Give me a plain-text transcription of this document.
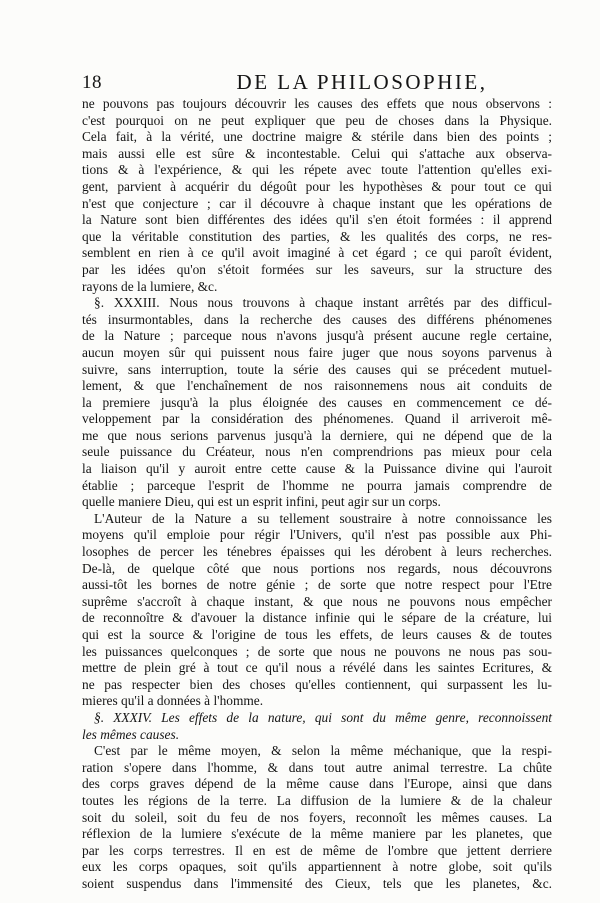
18	DE LA PHILOSOPHIE,
ne pouvons pas toujours découvrir les causes des effets que nous observons :
c'est pourquoi on ne peut expliquer que peu de choses dans la Physique.
Cela fait, à la vérité, une doctrine maigre & stérile dans bien des points ;
mais aussi elle est sûre & incontestable. Celui qui s'attache aux observa-
tions & à l'expérience, & qui les répete avec toute l'attention qu'elles exi-
gent, parvient à acquérir du dégoût pour les hypothèses & pour tout ce qui
n'est que conjecture ; car il découvre à chaque instant que les opérations de
la Nature sont bien différentes des idées qu'il s'en étoit formées : il apprend
que la véritable constitution des parties, & les qualités des corps, ne res-
semblent en rien à ce qu'il avoit imaginé à cet égard ; ce qui paroît évident,
par les idées qu'on s'étoit formées sur les saveurs, sur la structure des
rayons de la lumiere, &c.
§. XXXIII. Nous nous trouvons à chaque instant arrêtés par des difficul-
tés insurmontables, dans la recherche des causes des différens phénomenes
de la Nature ; parceque nous n'avons jusqu'à présent aucune regle certaine,
aucun moyen sûr qui puissent nous faire juger que nous soyons parvenus à
suivre, sans interruption, toute la série des causes qui se précedent mutuel-
lement, & que l'enchaînement de nos raisonnemens nous ait conduits de
la premiere jusqu'à la plus éloignée des causes en commencement ce dé-
veloppement par la considération des phénomenes. Quand il arriveroit mê-
me que nous serions parvenus jusqu'à la derniere, qui ne dépend que de la
seule puissance du Créateur, nous n'en comprendrions pas mieux pour cela
la liaison qu'il y auroit entre cette cause & la Puissance divine qui l'auroit
établie ; parceque l'esprit de l'homme ne pourra jamais comprendre de
quelle maniere Dieu, qui est un esprit infini, peut agir sur un corps.
L'Auteur de la Nature a su tellement soustraire à notre connoissance les
moyens qu'il emploie pour régir l'Univers, qu'il n'est pas possible aux Phi-
losophes de percer les ténebres épaisses qui les dérobent à leurs recherches.
De-là, de quelque côté que nous portions nos regards, nous découvrons
aussi-tôt les bornes de notre génie ; de sorte que notre respect pour l'Etre
suprême s'accroît à chaque instant, & que nous ne pouvons nous empêcher
de reconnoître & d'avouer la distance infinie qui le sépare de la créature, lui
qui est la source & l'origine de tous les effets, de leurs causes & de toutes
les puissances quelconques ; de sorte que nous ne pouvons ne nous pas sou-
mettre de plein gré à tout ce qu'il nous a révélé dans les saintes Ecritures, &
ne pas respecter bien des choses qu'elles contiennent, qui surpassent les lu-
mieres qu'il a données à l'homme.
§. XXXIV. Les effets de la nature, qui sont du même genre, reconnoissent
les mêmes causes.
C'est par le même moyen, & selon la même méchanique, que la respi-
ration s'opere dans l'homme, & dans tout autre animal terrestre. La chûte
des corps graves dépend de la même cause dans l'Europe, ainsi que dans
toutes les régions de la terre. La diffusion de la lumiere & de la chaleur
soit du soleil, soit du feu de nos foyers, reconnoît les mêmes causes. La
réflexion de la lumiere s'exécute de la même maniere par les planetes, que
par les corps terrestres. Il en est de même de l'ombre que jettent derriere
eux les corps opaques, soit qu'ils appartiennent à notre globe, soit qu'ils
soient suspendus dans l'immensité des Cieux, tels que les planetes, &c.
